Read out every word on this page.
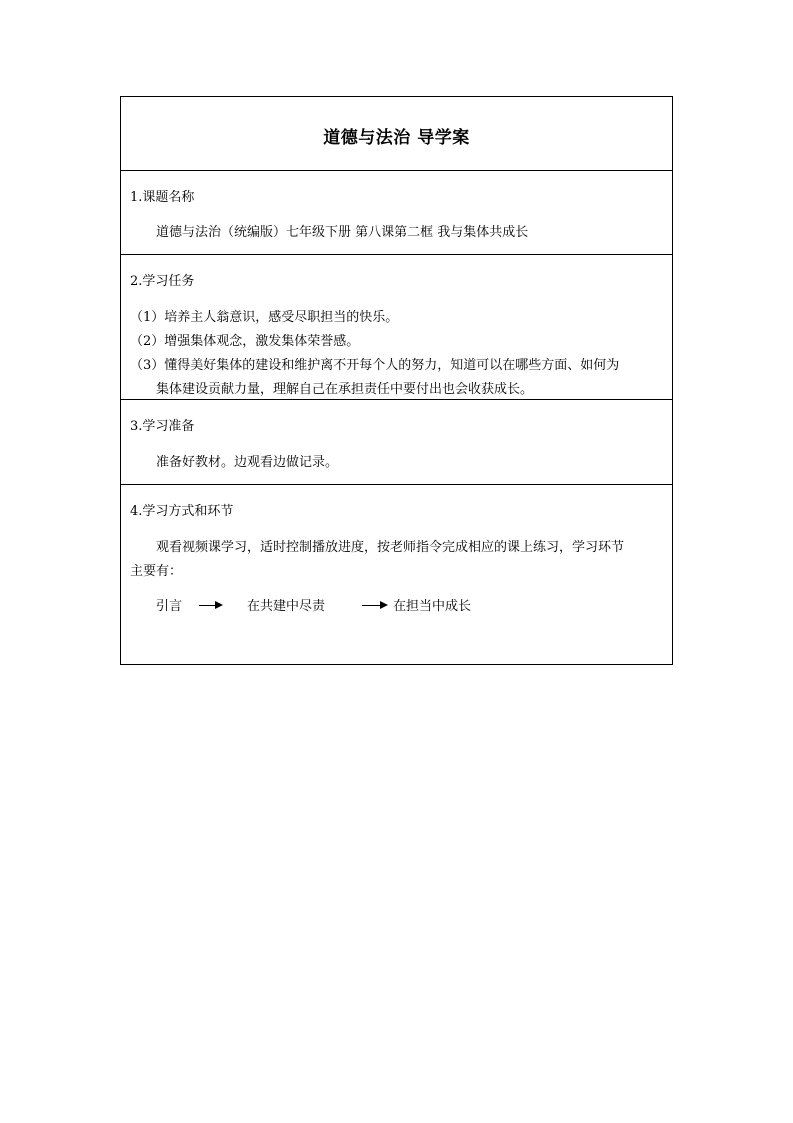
道德与法治 导学案
1.课题名称
道德与法治（统编版）七年级下册 第八课第二框 我与集体共成长
2.学习任务
（1）培养主人翁意识，感受尽职担当的快乐。
（2）增强集体观念，激发集体荣誉感。
（3）懂得美好集体的建设和维护离不开每个人的努力，知道可以在哪些方面、如何为
集体建设贡献力量，理解自己在承担责任中要付出也会收获成长。
3.学习准备
准备好教材。边观看边做记录。
4.学习方式和环节
观看视频课学习，适时控制播放进度，按老师指令完成相应的课上练习，学习环节
主要有：
引言	在共建中尽责	在担当中成长
